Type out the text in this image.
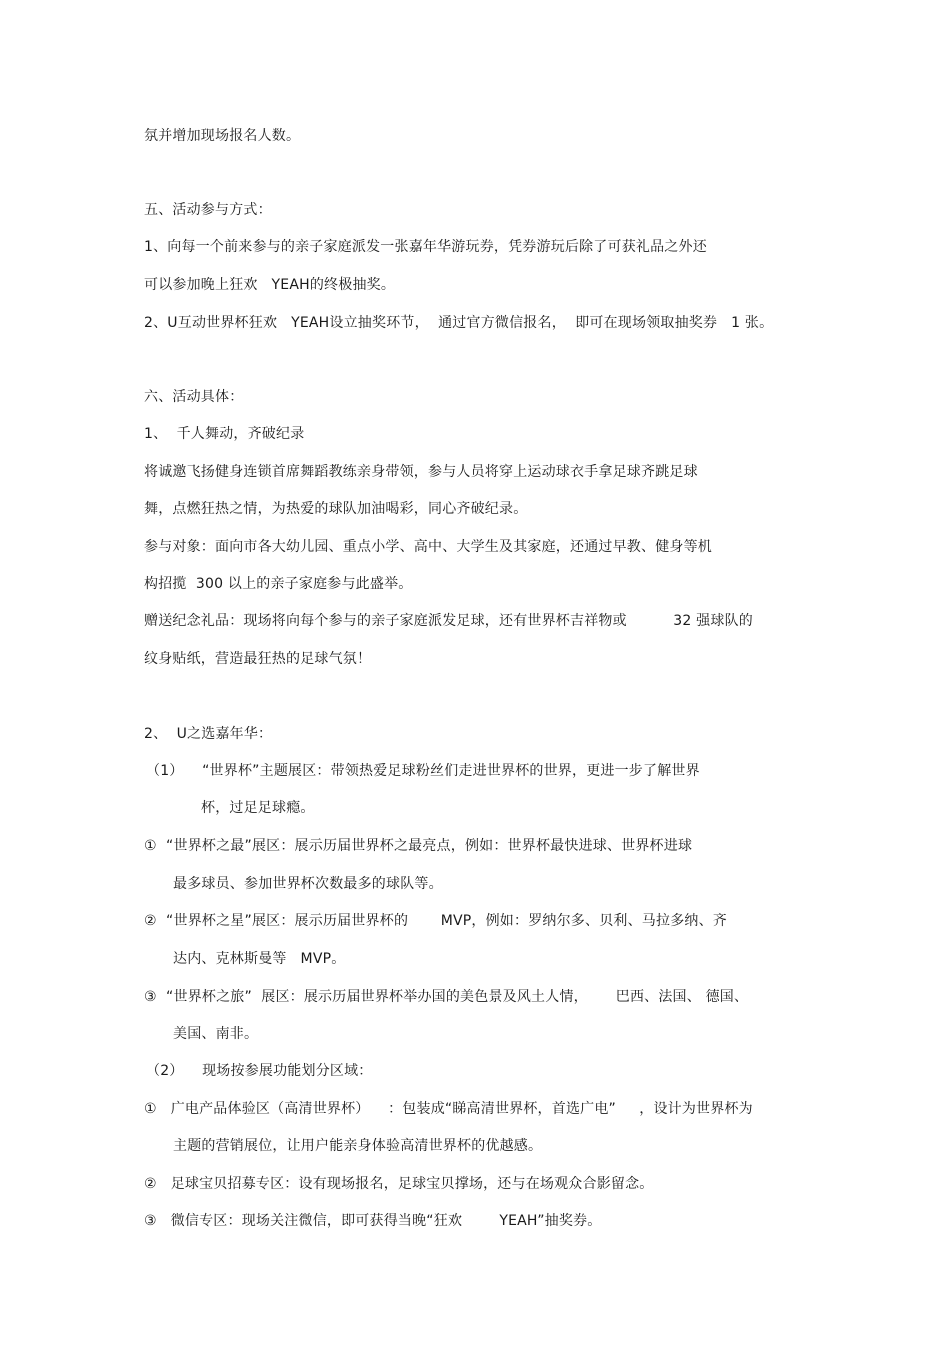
氛并增加现场报名人数。
五、活动参与方式：
1、向每一个前来参与的亲子家庭派发一张嘉年华游玩券，凭券游玩后除了可获礼品之外还
可以参加晚上狂欢   YEAH的终极抽奖。
2、U互动世界杯狂欢   YEAH设立抽奖环节，  通过官方微信报名，  即可在现场领取抽奖券   1 张。
六、活动具体：
1、  千人舞动，齐破纪录
将诚邀飞扬健身连锁首席舞蹈教练亲身带领，参与人员将穿上运动球衣手拿足球齐跳足球
舞，点燃狂热之情，为热爱的球队加油喝彩，同心齐破纪录。
参与对象：面向市各大幼儿园、重点小学、高中、大学生及其家庭，还通过早教、健身等机
构招揽  300 以上的亲子家庭参与此盛举。
赠送纪念礼品：现场将向每个参与的亲子家庭派发足球，还有世界杯吉祥物或          32 强球队的
纹身贴纸，营造最狂热的足球气氛！
2、  U之选嘉年华：
（1）    “世界杯”主题展区：带领热爱足球粉丝们走进世界杯的世界，更进一步了解世界
杯，过足足球瘾。
①  “世界杯之最”展区：展示历届世界杯之最亮点，例如：世界杯最快进球、世界杯进球
最多球员、参加世界杯次数最多的球队等。
②  “世界杯之星”展区：展示历届世界杯的       MVP，例如：罗纳尔多、贝利、马拉多纳、齐
达内、克林斯曼等   MVP。
③  “世界杯之旅”  展区：展示历届世界杯举办国的美色景及风土人情，      巴西、法国、 德国、
美国、南非。
（2）    现场按参展功能划分区域：
①   广电产品体验区（高清世界杯）    ：包装成“睇高清世界杯，首选广电”     ，设计为世界杯为
主题的营销展位，让用户能亲身体验高清世界杯的优越感。
②   足球宝贝招募专区：设有现场报名，足球宝贝撑场，还与在场观众合影留念。
③   微信专区：现场关注微信，即可获得当晚“狂欢        YEAH”抽奖券。
